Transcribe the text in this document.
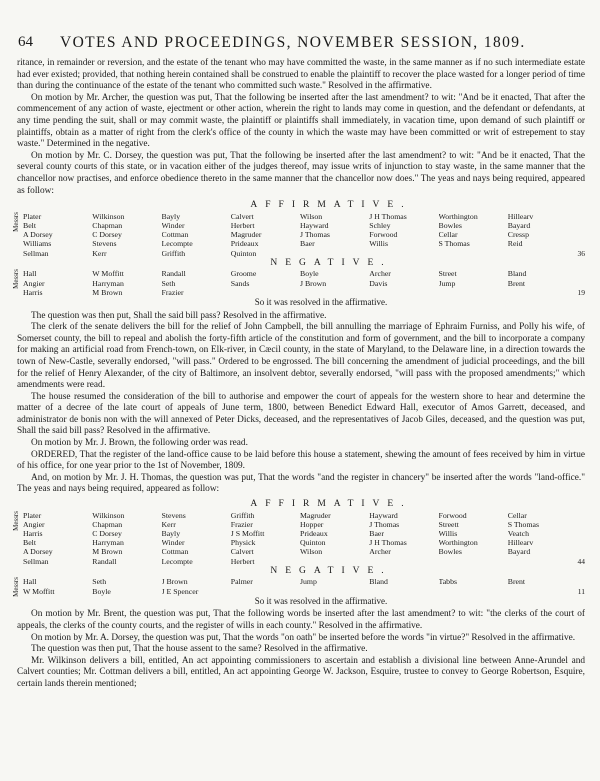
64 VOTES AND PROCEEDINGS, NOVEMBER SESSION, 1809.

ritance, in remainder or reversion, and the estate of the tenant who may have committed the waste, in the same manner as if no such intermediate estate had ever existed; provided, that nothing herein contained shall be construed to enable the plaintiff to recover the place wasted for a longer period of time than during the continuance of the estate of the tenant who committed such waste." Resolved in the affirmative.

On motion by Mr. Archer, the question was put, That the following be inserted after the last amendment? to wit: "And be it enacted, That after the commencement of any action of waste, ejectment or other action, wherein the right to lands may come in question, and the defendant or defendants, at any time pending the suit, shall or may commit waste, the plaintiff or plaintiffs shall immediately, in vacation time, upon demand of such plaintiff or plaintiffs, obtain as a matter of right from the clerk's office of the county in which the waste may have been committed or writ of estrepement to stay waste." Determined in the negative.

On motion by Mr. C. Dorsey, the question was put, That the following be inserted after the last amendment? to wit: "And be it enacted, That the several county courts of this state, or in vacation either of the judges thereof, may issue writs of injunction to stay waste, in the same manner that the chancellor now practises, and enforce obedience thereto in the same manner that the chancellor now does." The yeas and nays being required, appeared as follow:

AFFIRMATIVE.
Messrs
36
Plater	Wilkinson	Bayly	Calvert	Wilson	J H Thomas	Worthington	Hillearv
Belt	Chapman	Winder	Herbert	Hayward	Schley	Bowles	Bayard
A Dorsey	C Dorsey	Cottman	Magruder	J Thomas	Forwood	Cellar	Cressp
Williams	Stevens	Lecompte	Prideaux	Baer	Willis	S Thomas	Reid
Sellman	Kerr	Griffith	Quinton
NEGATIVE.
Messrs
19
Hall	W Moffitt	Randall	Groome	Boyle	Archer	Street	Bland
Angier	Harryman	Seth	Sands	J Brown	Davis	Jump	Brent
Harris	M Brown	Frazier
So it was resolved in the affirmative.

The question was then put, Shall the said bill pass? Resolved in the affirmative.

The clerk of the senate delivers the bill for the relief of John Campbell, the bill annulling the marriage of Ephraim Furniss, and Polly his wife, of Somerset county, the bill to repeal and abolish the forty-fifth article of the constitution and form of government, and the bill to incorporate a company for making an artificial road from French-town, on Elk-river, in Cæcil county, in the state of Maryland, to the Delaware line, in a direction towards the town of New-Castle, severally endorsed, "will pass." Ordered to be engrossed. The bill concerning the amendment of judicial proceedings, and the bill for the relief of Henry Alexander, of the city of Baltimore, an insolvent debtor, severally endorsed, "will pass with the proposed amendments;" which amendments were read.

The house resumed the consideration of the bill to authorise and empower the court of appeals for the western shore to hear and determine the matter of a decree of the late court of appeals of June term, 1800, between Benedict Edward Hall, executor of Amos Garrett, deceased, and administrator de bonis non with the will annexed of Peter Dicks, deceased, and the representatives of Jacob Giles, deceased, and the question was put, Shall the said bill pass? Resolved in the affirmative.

On motion by Mr. J. Brown, the following order was read.

ORDERED, That the register of the land-office cause to be laid before this house a statement, shewing the amount of fees received by him in virtue of his office, for one year prior to the 1st of November, 1809.

And, on motion by Mr. J. H. Thomas, the question was put, That the words "and the register in chancery" be inserted after the words "land-office." The yeas and nays being required, appeared as follow:

AFFIRMATIVE.
Messrs
44
Plater	Wilkinson	Stevens	Griffith	Magruder	Hayward	Forwood	Cellar
Angier	Chapman	Kerr	Frazier	Hopper	J Thomas	Streett	S Thomas
Harris	C Dorsey	Bayly	J S Moffitt	Prideaux	Baer	Willis	Veatch
Belt	Harryman	Winder	Physick	Quinton	J H Thomas	Worthington	Hillearv
A Dorsey	M Brown	Cottman	Calvert	Wilson	Archer	Bowles	Bayard
Sellman	Randall	Lecompte	Herbert
NEGATIVE.
Messrs	11
Hall	Seth	J Brown	Palmer	Jump	Bland	Tabbs	Brent
W Moffitt	Boyle	J E Spencer
So it was resolved in the affirmative.

On motion by Mr. Brent, the question was put, That the following words be inserted after the last amendment? to wit: "the clerks of the court of appeals, the clerks of the county courts, and the register of wills in each county." Resolved in the affirmative.

On motion by Mr. A. Dorsey, the question was put, That the words "on oath" be inserted before the words "in virtue?" Resolved in the affirmative.

The question was then put, That the house assent to the same? Resolved in the affirmative.

Mr. Wilkinson delivers a bill, entitled, An act appointing commissioners to ascertain and establish a divisional line between Anne-Arundel and Calvert counties; Mr. Cottman delivers a bill, entitled, An act appointing George W. Jackson, Esquire, trustee to convey to George Robertson, Esquire, certain lands therein mentioned;
